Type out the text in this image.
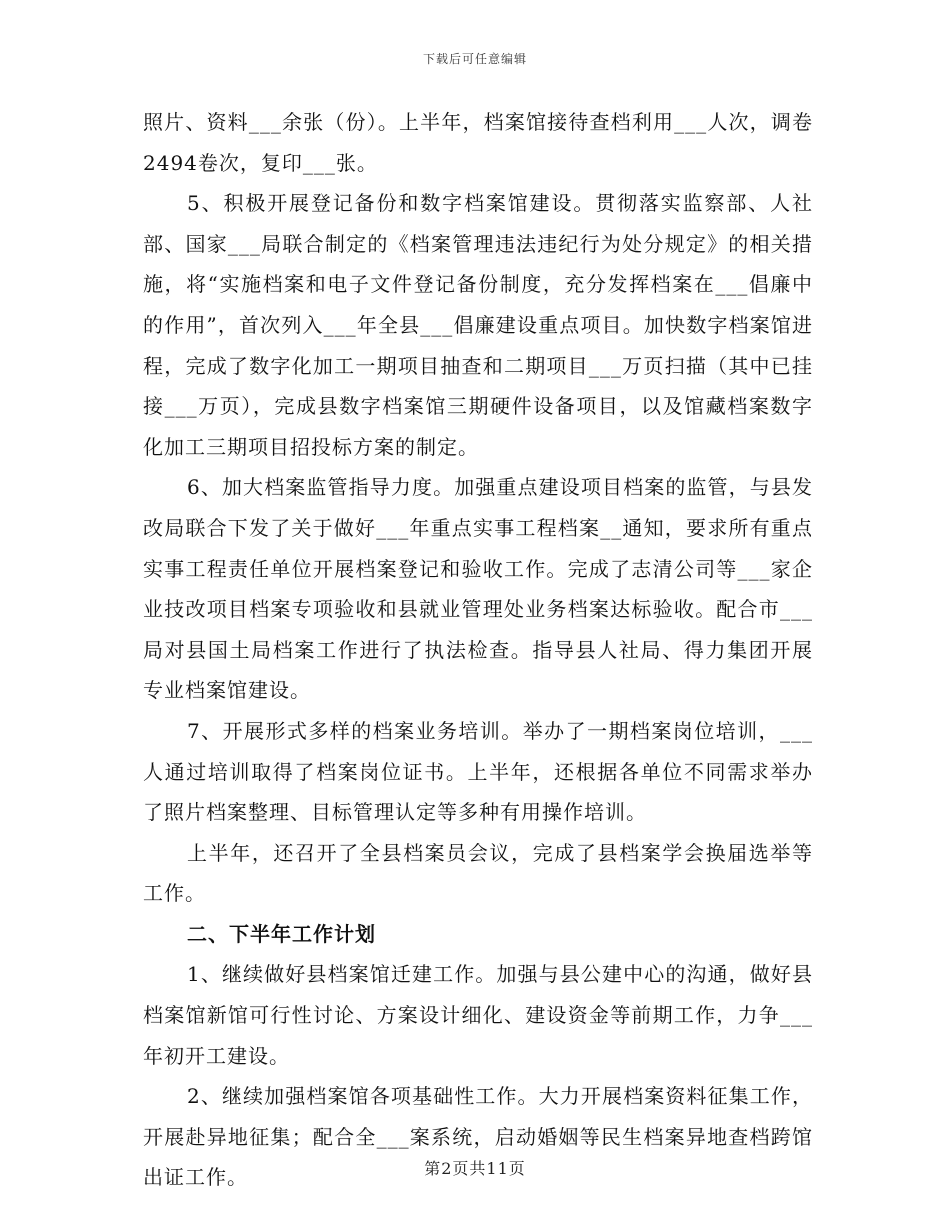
下载后可任意编辑

照片、资料___余张（份）。上半年，档案馆接待查档利用___人次，调卷2494卷次，复印___张。

5、积极开展登记备份和数字档案馆建设。贯彻落实监察部、人社部、国家___局联合制定的《档案管理违法违纪行为处分规定》的相关措施，将“实施档案和电子文件登记备份制度，充分发挥档案在___倡廉中的作用”，首次列入___年全县___倡廉建设重点项目。加快数字档案馆进程，完成了数字化加工一期项目抽查和二期项目___万页扫描（其中已挂接___万页），完成县数字档案馆三期硬件设备项目，以及馆藏档案数字化加工三期项目招投标方案的制定。

6、加大档案监管指导力度。加强重点建设项目档案的监管，与县发改局联合下发了关于做好___年重点实事工程档案__通知，要求所有重点实事工程责任单位开展档案登记和验收工作。完成了志清公司等___家企业技改项目档案专项验收和县就业管理处业务档案达标验收。配合市___局对县国土局档案工作进行了执法检查。指导县人社局、得力集团开展专业档案馆建设。

7、开展形式多样的档案业务培训。举办了一期档案岗位培训，___人通过培训取得了档案岗位证书。上半年，还根据各单位不同需求举办了照片档案整理、目标管理认定等多种有用操作培训。

上半年，还召开了全县档案员会议，完成了县档案学会换届选举等工作。

二、下半年工作计划

1、继续做好县档案馆迁建工作。加强与县公建中心的沟通，做好县档案馆新馆可行性讨论、方案设计细化、建设资金等前期工作，力争___年初开工建设。

2、继续加强档案馆各项基础性工作。大力开展档案资料征集工作，开展赴异地征集；配合全___案系统，启动婚姻等民生档案异地查档跨馆出证工作。	第2页共11页
